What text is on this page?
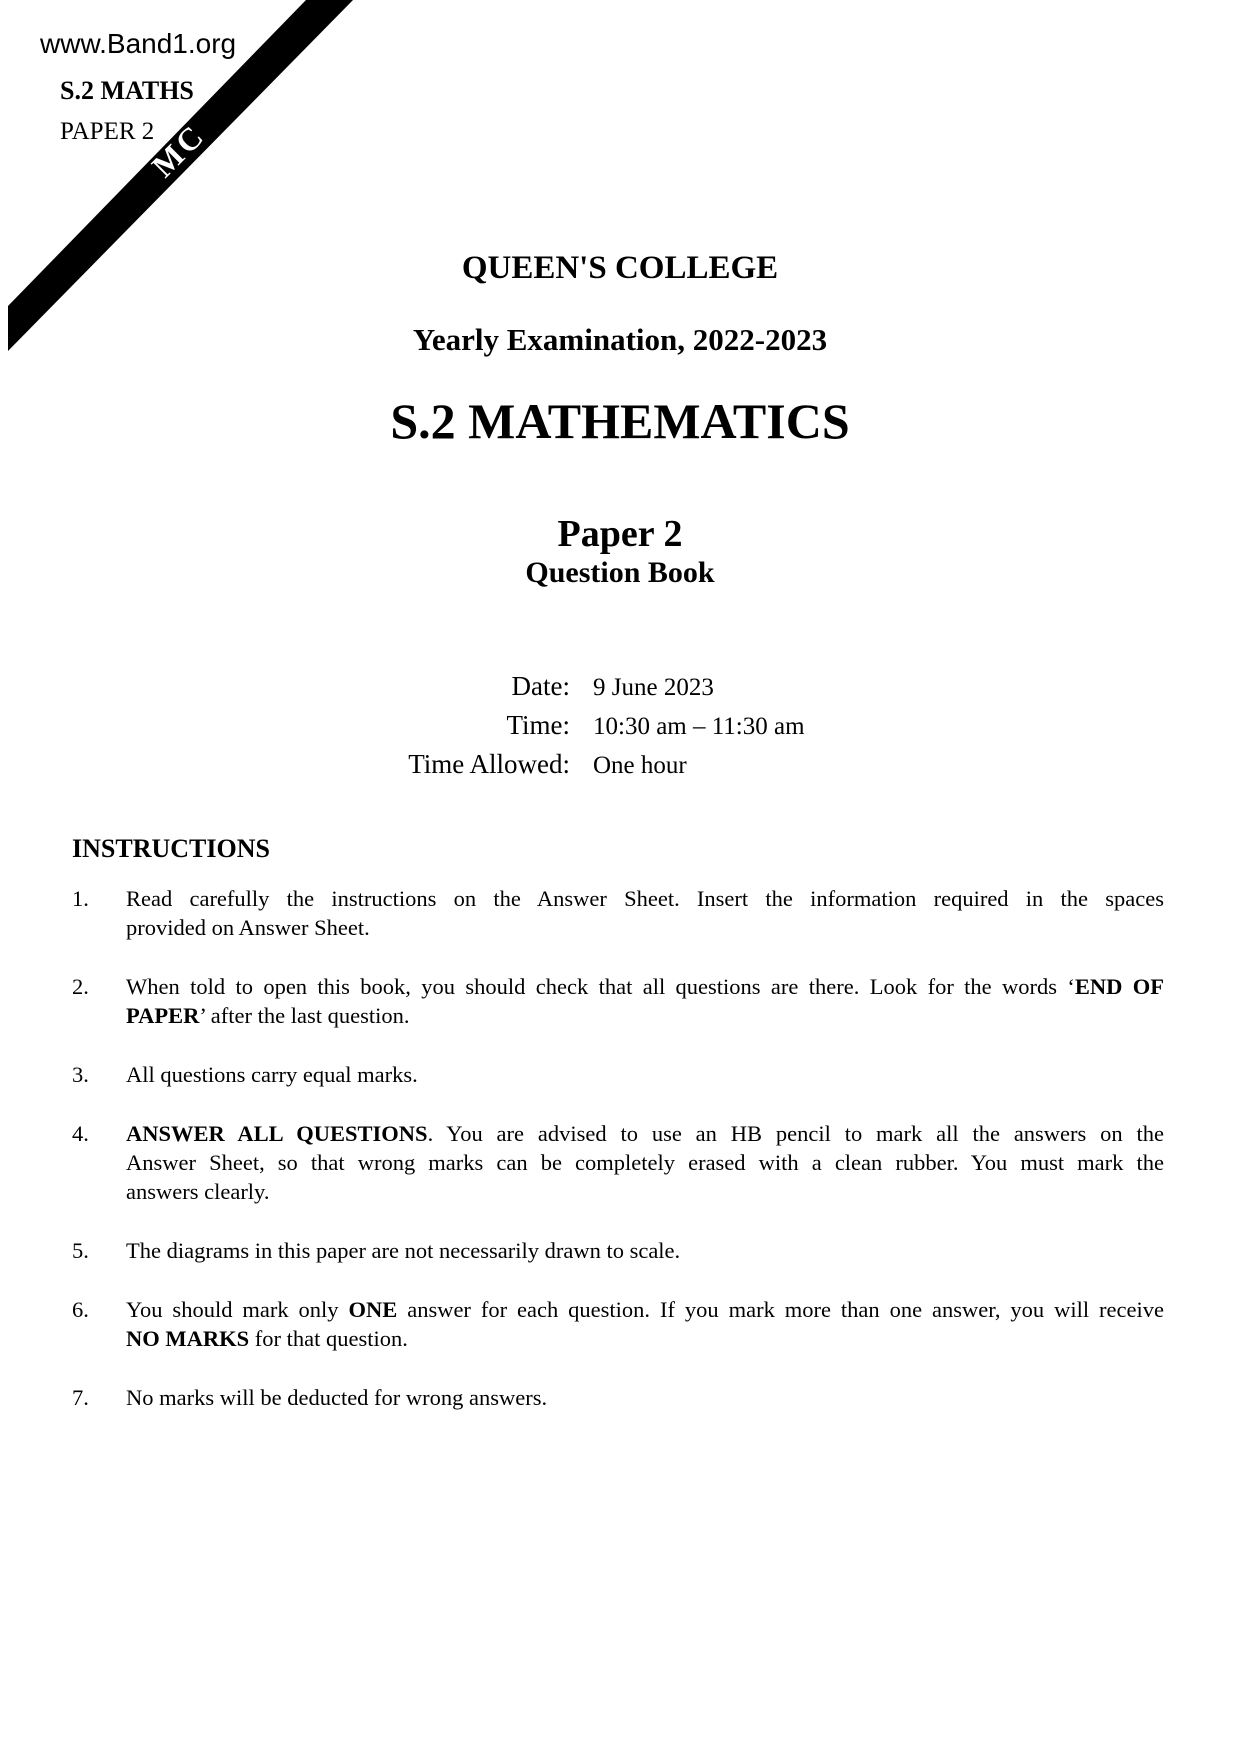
MC
www.Band1.org
S.2 MATHS
PAPER 2
QUEEN'S COLLEGE
Yearly Examination, 2022-2023
S.2 MATHEMATICS
Paper 2
Question Book
Date: 9 June 2023
Time: 10:30 am – 11:30 am
Time Allowed: One hour
INSTRUCTIONS
1.	Read carefully the instructions on the Answer Sheet. Insert the information required in the spaces
provided on Answer Sheet.
2.	When told to open this book, you should check that all questions are there. Look for the words ‘END OF
PAPER’ after the last question.
3.	All questions carry equal marks.
4.	ANSWER ALL QUESTIONS. You are advised to use an HB pencil to mark all the answers on the
Answer Sheet, so that wrong marks can be completely erased with a clean rubber. You must mark the
answers clearly.
5.	The diagrams in this paper are not necessarily drawn to scale.
6.	You should mark only ONE answer for each question. If you mark more than one answer, you will receive
NO MARKS for that question.
7.	No marks will be deducted for wrong answers.
